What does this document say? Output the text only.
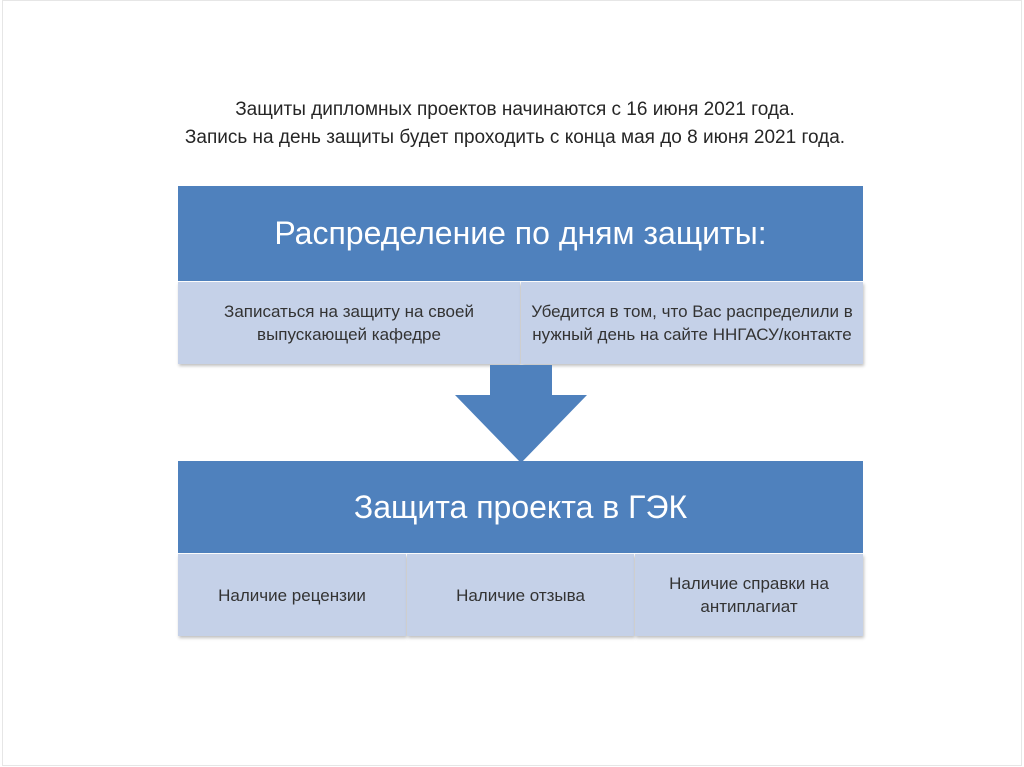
Защиты дипломных проектов начинаются с 16 июня 2021 года.
Запись на день защиты будет проходить с конца мая до 8 июня 2021 года.
Распределение по дням защиты:
Записаться на защиту на своей выпускающей кафедре
Убедится в том, что Вас распределили в нужный день на сайте ННГАСУ/контакте
Защита проекта в ГЭК
Наличие рецензии	Наличие отзыва
Наличие справки на антиплагиат
